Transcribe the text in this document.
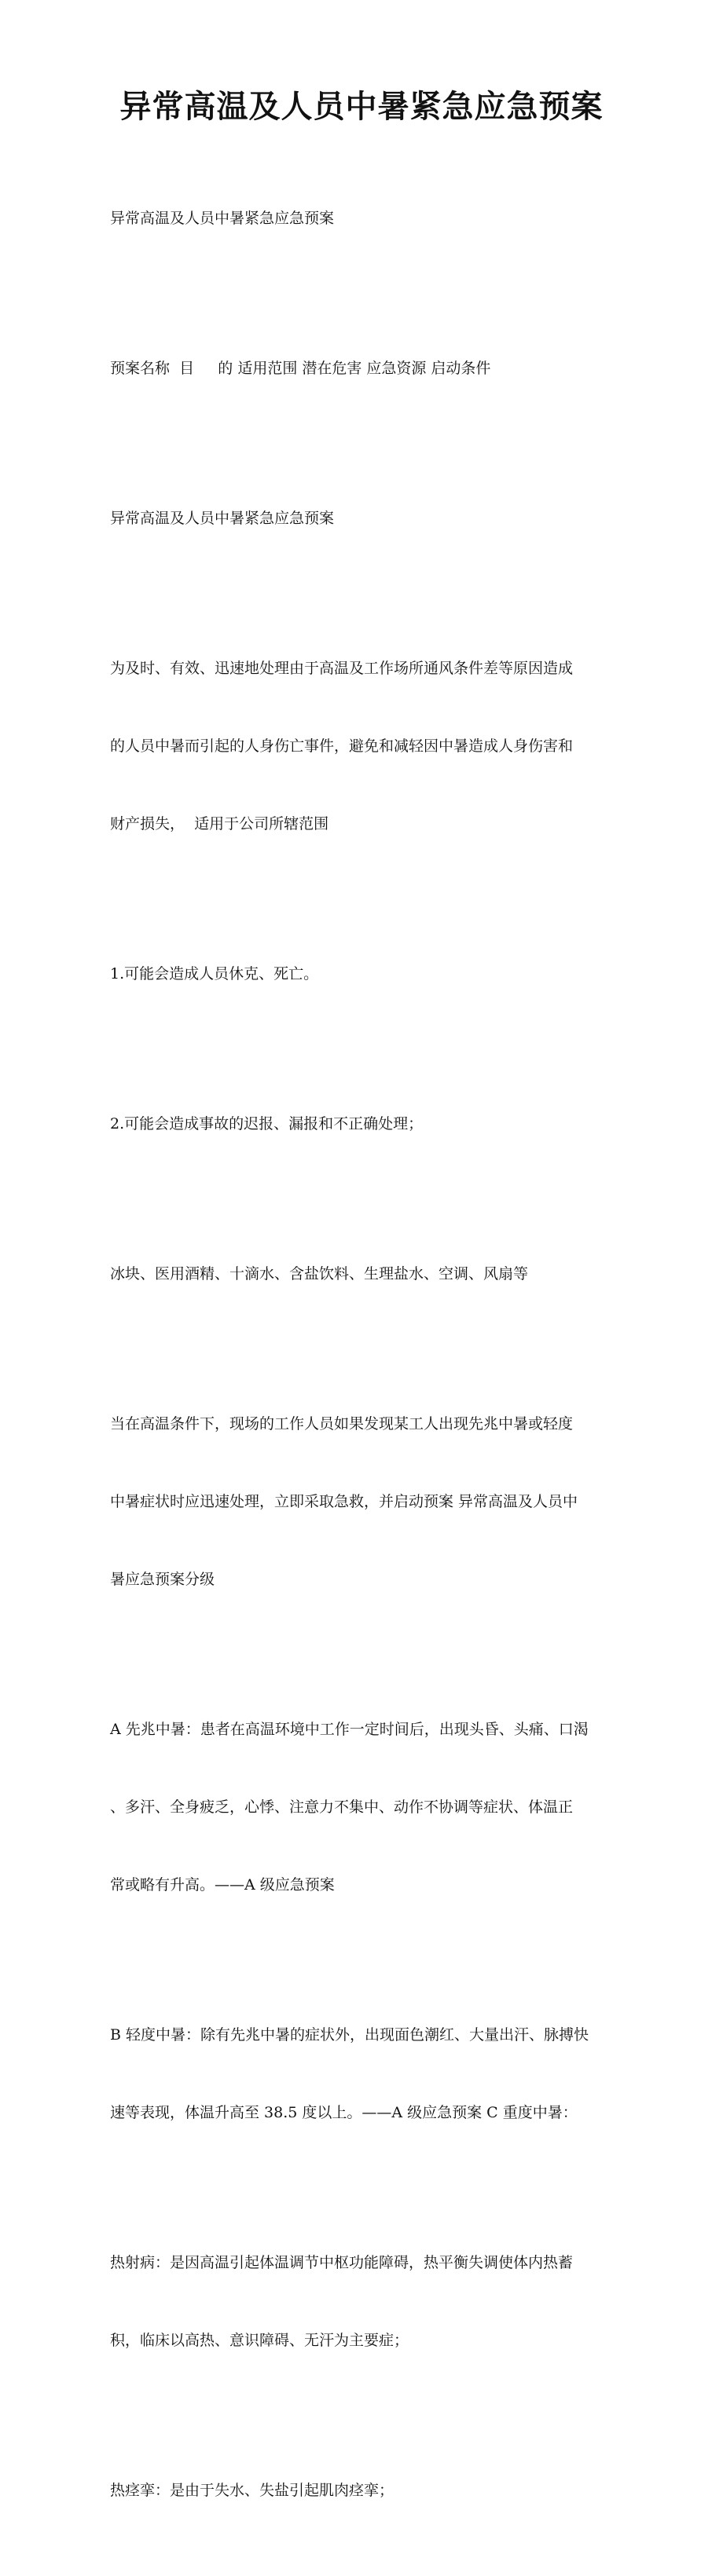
异常高温及人员中暑紧急应急预案

异常高温及人员中暑紧急应急预案

预案名称  目     的 适用范围 潜在危害 应急资源 启动条件

异常高温及人员中暑紧急应急预案

为及时、有效、迅速地处理由于高温及工作场所通风条件差等原因造成

的人员中暑而引起的人身伤亡事件，避免和减轻因中暑造成人身伤害和

财产损失，  适用于公司所辖范围

1.可能会造成人员休克、死亡。

2.可能会造成事故的迟报、漏报和不正确处理；

冰块、医用酒精、十滴水、含盐饮料、生理盐水、空调、风扇等

当在高温条件下，现场的工作人员如果发现某工人出现先兆中暑或轻度

中暑症状时应迅速处理，立即采取急救，并启动预案 异常高温及人员中

暑应急预案分级

A 先兆中暑：患者在高温环境中工作一定时间后，出现头昏、头痛、口渴

、多汗、全身疲乏，心悸、注意力不集中、动作不协调等症状、体温正

常或略有升高。——A 级应急预案

B 轻度中暑：除有先兆中暑的症状外，出现面色潮红、大量出汗、脉搏快

速等表现，体温升高至 38.5 度以上。——A 级应急预案 C 重度中暑：

热射病：是因高温引起体温调节中枢功能障碍，热平衡失调使体内热蓄

积，临床以高热、意识障碍、无汗为主要症；

热痉挛：是由于失水、失盐引起肌肉痉挛；
